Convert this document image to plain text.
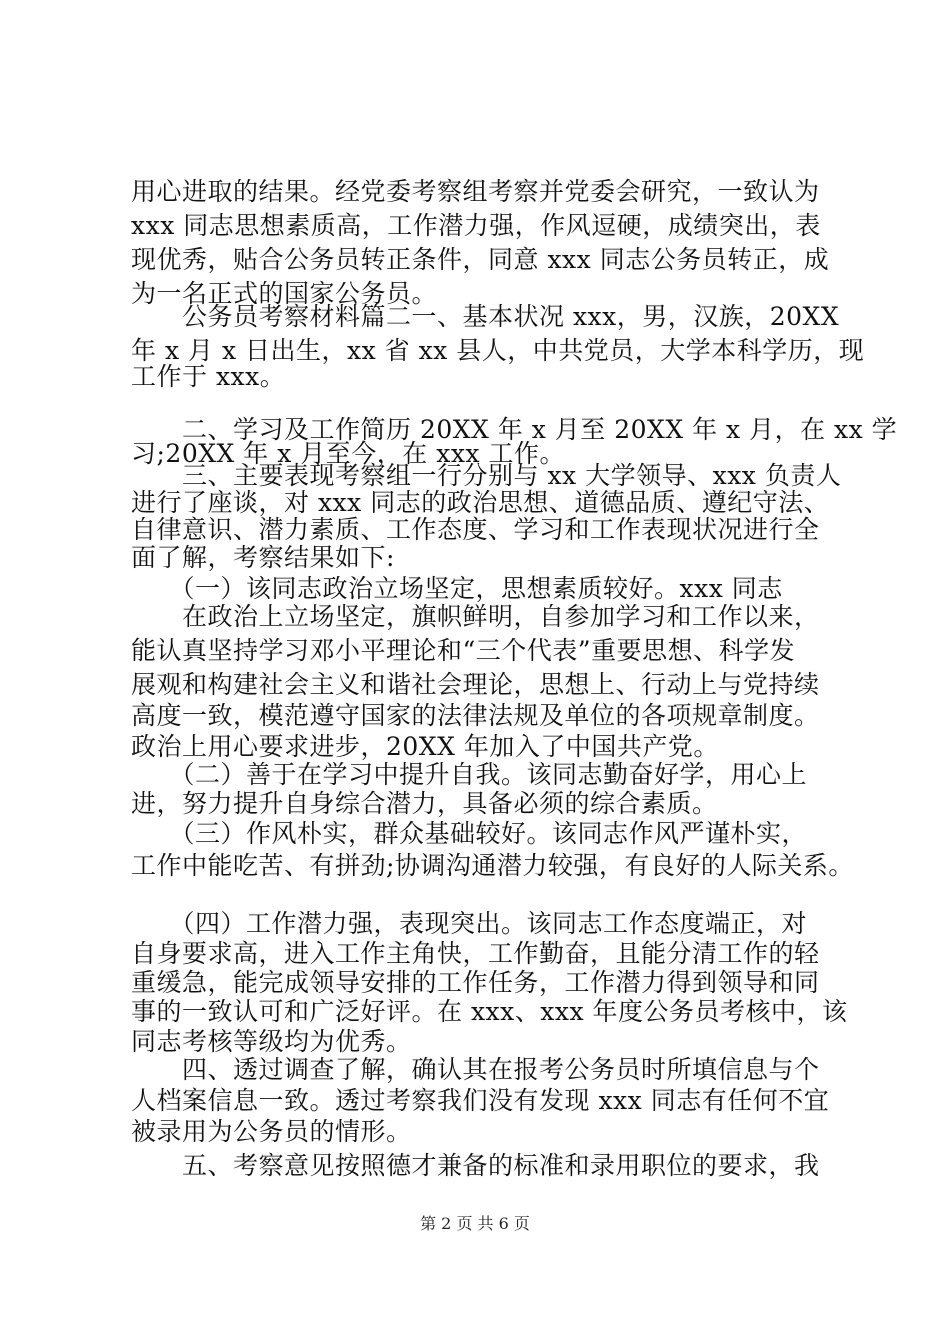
用心进取的结果。经党委考察组考察并党委会研究，一致认为
xxx 同志思想素质高，工作潜力强，作风逗硬，成绩突出，表
现优秀，贴合公务员转正条件，同意 xxx 同志公务员转正，成
为一名正式的国家公务员。
　　公务员考察材料篇二一、基本状况 xxx，男，汉族，20XX
年 x 月 x 日出生，xx 省 xx 县人，中共党员，大学本科学历，现
工作于 xxx。
　　二、学习及工作简历 20XX 年 x 月至 20XX 年 x 月，在 xx 学
习;20XX 年 x 月至今，在 xxx 工作。
　　三、主要表现考察组一行分别与 xx 大学领导、xxx 负责人
进行了座谈，对 xxx 同志的政治思想、道德品质、遵纪守法、
自律意识、潜力素质、工作态度、学习和工作表现状况进行全
面了解，考察结果如下:
　　（一）该同志政治立场坚定，思想素质较好。xxx 同志
　　在政治上立场坚定，旗帜鲜明，自参加学习和工作以来，
能认真坚持学习邓小平理论和“三个代表”重要思想、科学发
展观和构建社会主义和谐社会理论，思想上、行动上与党持续
高度一致，模范遵守国家的法律法规及单位的各项规章制度。
政治上用心要求进步，20XX 年加入了中国共产党。
　　（二）善于在学习中提升自我。该同志勤奋好学，用心上
进，努力提升自身综合潜力，具备必须的综合素质。
　　（三）作风朴实，群众基础较好。该同志作风严谨朴实，
工作中能吃苦、有拼劲;协调沟通潜力较强，有良好的人际关系。
　　（四）工作潜力强，表现突出。该同志工作态度端正，对
自身要求高，进入工作主角快，工作勤奋，且能分清工作的轻
重缓急，能完成领导安排的工作任务，工作潜力得到领导和同
事的一致认可和广泛好评。在 xxx、xxx 年度公务员考核中，该
同志考核等级均为优秀。
　　四、透过调查了解，确认其在报考公务员时所填信息与个
人档案信息一致。透过考察我们没有发现 xxx 同志有任何不宜
被录用为公务员的情形。
　　五、考察意见按照德才兼备的标准和录用职位的要求，我
第 2 页 共 6 页
